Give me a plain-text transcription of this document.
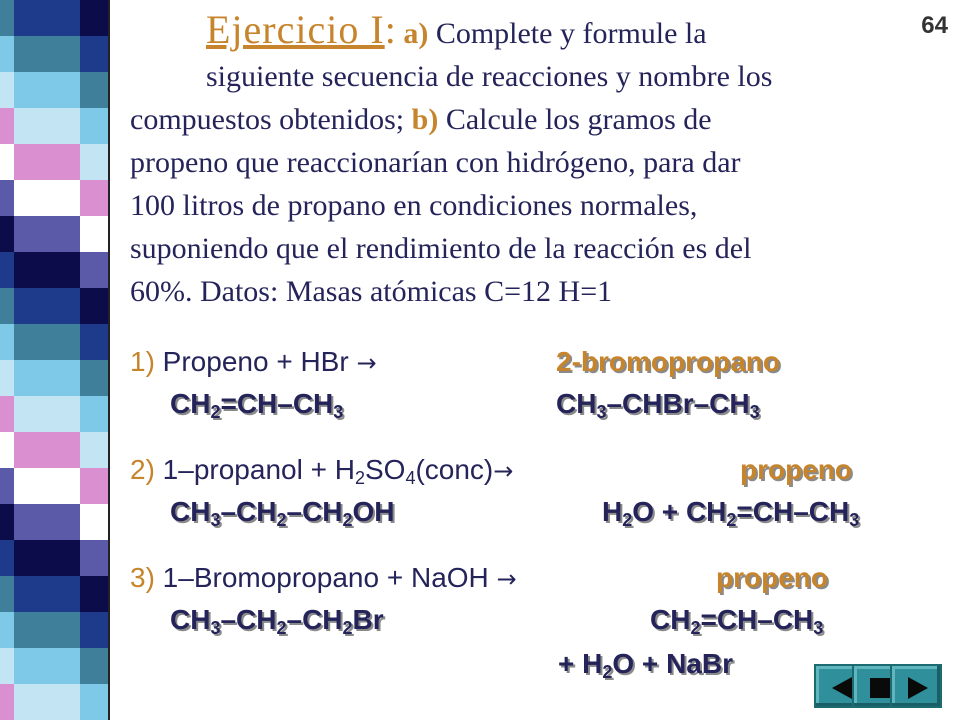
64
Ejercicio I: a) Complete y formule la
siguiente secuencia de reacciones y nombre los
compuestos obtenidos; b) Calcule los gramos de
propeno que reaccionarían con hidrógeno, para dar
100 litros de propano en condiciones normales,
suponiendo que el rendimiento de la reacción es del
60%. Datos: Masas atómicas C=12 H=1
1) Propeno + HBr →	2-bromopropano
$CH_2=CH-CH_3$	$CH_3-CHBr-CH_3$
2) 1–propanol + $H_2SO_4(conc)\to$	propeno
$CH_3-CH_2-CH_2OH$	$H_2O + CH_2=CH-CH_3$
3) 1–Bromopropano + NaOH →	propeno
$CH_3-CH_2-CH_2Br$	$CH_2=CH-CH_3$
+ $H_2O$ + NaBr
